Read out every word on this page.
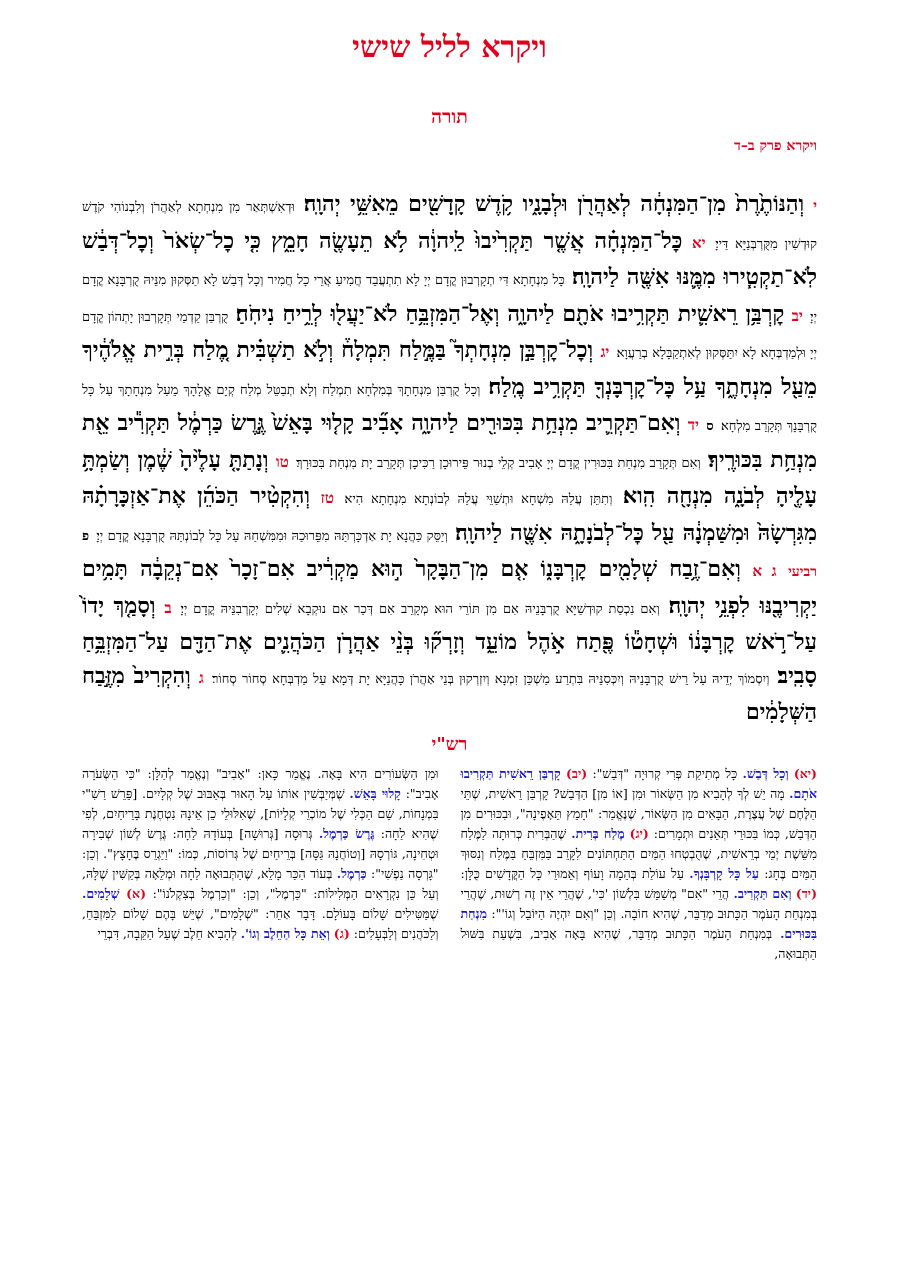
ויקרא לליל שישי
תורה
ויקרא פרק ב–ד
י וְהַנּוֹתֶ֙רֶת֙ מִן־הַמִּנְחָ֔ה לְאַהֲרֹ֖ן וּלְבָנָ֑יו קֹ֥דֶשׁ קָֽדָשִׁ֖ים מֵאִשֵּׁ֥י יְהוָֽה׃ וּדְאִשְׁתְּאַר מִן מִנְחְתָא לְאַהֲרֹן וְלִבְנוֹהִי קֹדֶשׁ קוּדְשִׁין מִקֻּרְבְּנַיָּא דַּייָ׃ יא כׇּל־הַמִּנְחָ֗ה אֲשֶׁ֤ר תַּקְרִ֙יבוּ֙ לַֽיהוָ֔ה לֹ֥א תֵעָשֶׂ֖ה חָמֵ֑ץ כִּ֤י כׇל־שְׂאֹר֙ וְכׇל־דְּבַ֔שׁ לֹֽא־תַקְטִ֧ירוּ מִמֶּ֛נּוּ אִשֶּׁ֖ה לַיהוָֽה׃ כָּל מִנְחָתָא דִּי תְקָרְבוּן קֳדָם יְיָ לָא תִתְעֲבֵד חֲמִיעַ אֲרֵי כָל חֲמִיר וְכָל דְּבַשׁ לָא תַסְּקוּן מִנֵּיהּ קֻרְבָּנָא קֳדָם יְיָ׃ יב קׇרְבַּ֥ן רֵאשִׁ֛ית תַּקְרִ֥יבוּ אֹתָ֖ם לַיהוָ֑ה וְאֶל־הַמִּזְבֵּ֥חַ לֹא־יַעֲל֖וּ לְרֵ֥יחַ נִיחֹֽחַ׃ קֻרְבַּן קַדְמַי תְּקָרְבוּן יָתְהוֹן קֳדָם יְיָ וּלְמַדְבְּחָא לָא יִתַּסְּקוּן לְאִתְקַבָּלָא בְרַעֲוָא׃ יג וְכׇל־קׇרְבַּ֣ן מִנְחָתְךָ֮ בַּמֶּ֣לַח תִּמְלָח֒ וְלֹ֣א תַשְׁבִּ֗ית מֶ֚לַח בְּרִ֣ית אֱלֹהֶ֔יךָ מֵעַ֖ל מִנְחָתֶ֑ךָ עַ֥ל כׇּל־קׇרְבָּנְךָ֖ תַּקְרִ֥יב מֶֽלַח׃ וְכָל קֻרְבַּן מִנְחָתָךְ בְּמִלְחָא תִמְלַח וְלָא תְבַטֵּל מְלַח קְיָם אֱלָהָךְ מֵעַל מִנְחָתָךְ עַל כָּל קֻרְבָּנָךְ תְּקָרֵב מִלְחָא׃ ס יד וְאִם־תַּקְרִ֛יב מִנְחַ֥ת בִּכּוּרִ֖ים לַיהוָ֑ה אָבִ֞יב קָל֤וּי בָּאֵשׁ֙ גֶּ֣רֶשׂ כַּרְמֶ֔ל תַּקְרִ֕יב אֵ֖ת מִנְחַ֥ת בִּכּוּרֶֽיךָ׃ וְאִם תְּקָרֵב מִנְחַת בִּכּוּרִין קֳדָם יְיָ אָבִיב קְלֵי בְנוּר פֵּירוּכָן רַכִּיכָן תְּקָרֵב יָת מִנְחַת בִּכּוּרָךְ׃ טו וְנָתַתָּ֤ עָלֶ֙יהָ֙ שֶׁ֔מֶן וְשַׂמְתָּ֥ עָלֶ֖יהָ לְבֹנָ֑ה מִנְחָ֖ה הִֽוא׃ וְתִתֵּן עֲלַהּ מִשְׁחָא וּתְשַׁוֵּי עֲלַהּ לְבוֹנְתָא מִנְחָתָא הִיא׃ טז וְהִקְטִ֨יר הַכֹּהֵ֜ן אֶת־אַזְכָּרָתָ֗הּ מִגִּרְשָׂהּ֙ וּמִשַּׁמְנָ֔הּ עַ֖ל כׇּל־לְבֹנָתָ֑הּ אִשֶּׁ֖ה לַיהוָֽה׃ וְיַסֵּק כַּהֲנָא יָת אַדְכָּרְתַּהּ מִפֵּרוּכַהּ וּמִמִּשְׁחַהּ עַל כָּל לְבוֹנְתַּהּ קֻרְבָּנָא קֳדָם יְיָ׃ פ רביעי ג א וְאִם־זֶ֥בַח שְׁלָמִ֖ים קׇרְבָּנ֑וֹ אִ֤ם מִן־הַבָּקָר֙ ה֣וּא מַקְרִ֔יב אִם־זָכָר֙ אִם־נְקֵבָ֔ה תָּמִ֥ים יַקְרִיבֶ֖נּוּ לִפְנֵ֥י יְהוָֽה׃ וְאִם נִכְסַת קוּדְשַׁיָּא קֻרְבָּנֵיהּ אִם מִן תּוֹרֵי הוּא מְקָרֵב אִם דְּכַר אִם נוּקְבָא שְׁלִים יְקָרְבִנֵּיהּ קֳדָם יְיָ׃ ב וְסָמַ֤ךְ יָדוֹ֙ עַל־רֹ֣אשׁ קׇרְבָּנ֔וֹ וּשְׁחָט֕וֹ פֶּ֖תַח אֹ֣הֶל מוֹעֵ֑ד וְזָרְק֞וּ בְּנֵ֨י אַהֲרֹ֧ן הַכֹּהֲנִ֛ים אֶת־הַדָּ֖ם עַל־הַמִּזְבֵּ֥חַ סָבִֽיב׃ וְיִסְמוֹךְ יְדֵיהּ עַל רֵישׁ קֻרְבָּנֵיהּ וְיִכְּסִנֵּיהּ בִּתְרַע מַשְׁכַּן זִמְנָא וְיִזְרְקוּן בְּנֵי אַהֲרֹן כָּהֲנַיָּא יָת דְּמָא עַל מַדְבְּחָא סְחוֹר סְחוֹר׃ ג וְהִקְרִיב֙ מִזֶּ֣בַח הַשְּׁלָמִ֔ים
רש"י
(יא) וְכָל דְּבַשׁ. כָּל מְתִיקַת פְּרִי קְרוּיָה "דְּבַשׁ": (יב) קָרְבַּן רֵאשִׁית תַּקְרִיבוּ אֹתָם. מָה יֵשׁ לְךָ לְהָבִיא מִן הַשְּׂאוֹר וּמִן [אוֹ מִן] הַדְּבַשׁ? קָרְבַּן רֵאשִׁית, שְׁתֵּי הַלֶּחֶם שֶׁל עֲצֶרֶת, הַבָּאִים מִן הַשְּׂאוֹר, שֶׁנֶּאֱמַר: "חָמֵץ תֵּאָפֶינָה", וּבִכּוּרִים מִן הַדְּבַשׁ, כְּמוֹ בִּכּוּרֵי תְּאֵנִים וּתְמָרִים: (יג) מֶלַח בְּרִית. שֶׁהַבְּרִית כְּרוּתָה לַמֶּלַח מִשֵּׁשֶׁת יְמֵי בְרֵאשִׁית, שֶׁהֻבְטְחוּ הַמַּיִם הַתַּחְתּוֹנִים לִקָּרֵב בַּמִּזְבֵּחַ בַּמֶּלַח וְנִסּוּךְ הַמַּיִם בֶּחָג: עַל כָּל קָרְבָּנְךָ. עַל עוֹלַת בְּהֵמָה וָעוֹף וְאֵמוּרֵי כָּל הַקֳּדָשִׁים כֻּלָּן: (יד) וְאִם תַּקְרִיב. הֲרֵי "אִם" מְשַׁמֵּשׁ בִּלְשׁוֹן 'כִּי', שֶׁהֲרֵי אֵין זֶה רְשׁוּת, שֶׁהֲרֵי בְּמִנְחַת הָעֹמֶר הַכָּתוּב מְדַבֵּר, שֶׁהִיא חוֹבָה. וְכֵן "וְאִם יִהְיֶה הַיּוֹבֵל וְגוֹ'": מִנְחַת בִּכּוּרִים. בְּמִנְחַת הָעֹמֶר הַכָּתוּב מְדַבֵּר, שֶׁהִיא בָּאָה אָבִיב, בִּשְׁעַת בִּשּׁוּל הַתְּבוּאָה,
וּמִן הַשְּׂעוֹרִים הִיא בָּאָה. נֶאֱמַר כָּאן: "אָבִיב" וְנֶאֱמַר לְהַלָּן: "כִּי הַשְּׂעֹרָה אָבִיב": קָלוּי בָּאֵשׁ. שֶׁמְּיַבְּשִׁין אוֹתוֹ עַל הָאוּר בְּאַבּוּב שֶׁל קְלָיִים. [פֵּרֵשׁ רַשִׁ"י בִּמְנָחוֹת, שֵׁם הַכְּלִי שֶׁל מוֹכְרֵי קְלָיוֹת], שֶׁאִלּוּלֵי כֵן אֵינָהּ נִטְחֶנֶת בָּרֵיחַיִם, לְפִי שֶׁהִיא לַחָה: גֶּרֶשׂ כַּרְמֶל. גְּרוּסָה [גְּרוּשָׁה] בְּעוֹדָהּ לַחָה: גֶּרֶשׂ לְשׁוֹן שְׁבִירָה וּטְחִינָה, גּוֹרְסָהּ [וְטוֹחֲנָהּ גַּסָּה] בְּרֵיחַיִם שֶׁל גְּרוֹסוֹת, כְּמוֹ: "וַיַּגְרֵס בֶּחָצָץ". וְכֵן: "גָּרְסָה נַפְשִׁי": כַּרְמֶל. בְּעוֹד הַכַּר מָלֵא, שֶׁהַתְּבוּאָה לַחָה וּמְלֵאָה בְּקַשִּׁין שֶׁלָּהּ, וְעַל כֵּן נִקְרָאִים הַמְּלִילוֹת: "כַּרְמֶל", וְכֵן: "וְכַרְמֶל בְּצִקְלֹנוֹ": (א) שְׁלָמִים. שֶׁמַּטִּילִים שָׁלוֹם בָּעוֹלָם. דָּבָר אַחֵר: "שְׁלָמִים", שֶׁיֵּשׁ בָּהֶם שָׁלוֹם לַמִּזְבֵּחַ, וְלַכֹּהֲנִים וְלַבְּעָלִים: (ג) וְאֵת כָּל הַחֵלֶב וְגוֹ'. לְהָבִיא חֵלֶב שֶׁעַל הַקֵּבָה, דִּבְרֵי
